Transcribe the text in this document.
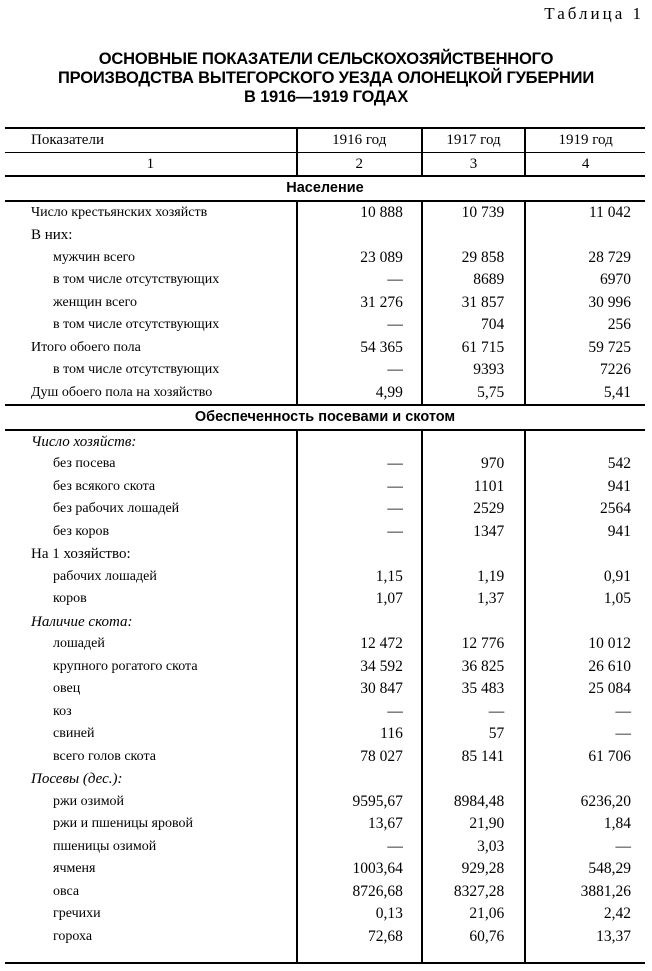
Таблица 1
ОСНОВНЫЕ ПОКАЗАТЕЛИ СЕЛЬСКОХОЗЯЙСТВЕННОГО
ПРОИЗВОДСТВА ВЫТЕГОРСКОГО УЕЗДА ОЛОНЕЦКОЙ ГУБЕРНИИ
В 1916—1919 ГОДАХ
Показатели	1916 год	1917 год	1919 год
1	2	3	4
Население			
Число крестьянских хозяйств	10 888	10 739	11 042
В них:			
мужчин всего	23 089	29 858	28 729
в том числе отсутствующих	—	8689	6970
женщин всего	31 276	31 857	30 996
в том числе отсутствующих	—	704	256
Итого обоего пола	54 365	61 715	59 725
в том числе отсутствующих	—	9393	7226
Душ обоего пола на хозяйство	4,99	5,75	5,41
Обеспеченность посевами и скотом			
Число хозяйств:			
без посева	—	970	542
без всякого скота	—	1101	941
без рабочих лошадей	—	2529	2564
без коров	—	1347	941
На 1 хозяйство:			
рабочих лошадей	1,15	1,19	0,91
коров	1,07	1,37	1,05
Наличие скота:			
лошадей	12 472	12 776	10 012
крупного рогатого скота	34 592	36 825	26 610
овец	30 847	35 483	25 084
коз	—	—	—
свиней	116	57	—
всего голов скота	78 027	85 141	61 706
Посевы (дес.):			
ржи озимой	9595,67	8984,48	6236,20
ржи и пшеницы яровой	13,67	21,90	1,84
пшеницы озимой	—	3,03	—
ячменя	1003,64	929,28	548,29
овса	8726,68	8327,28	3881,26
гречихи	0,13	21,06	2,42
гороха	72,68	60,76	13,37
